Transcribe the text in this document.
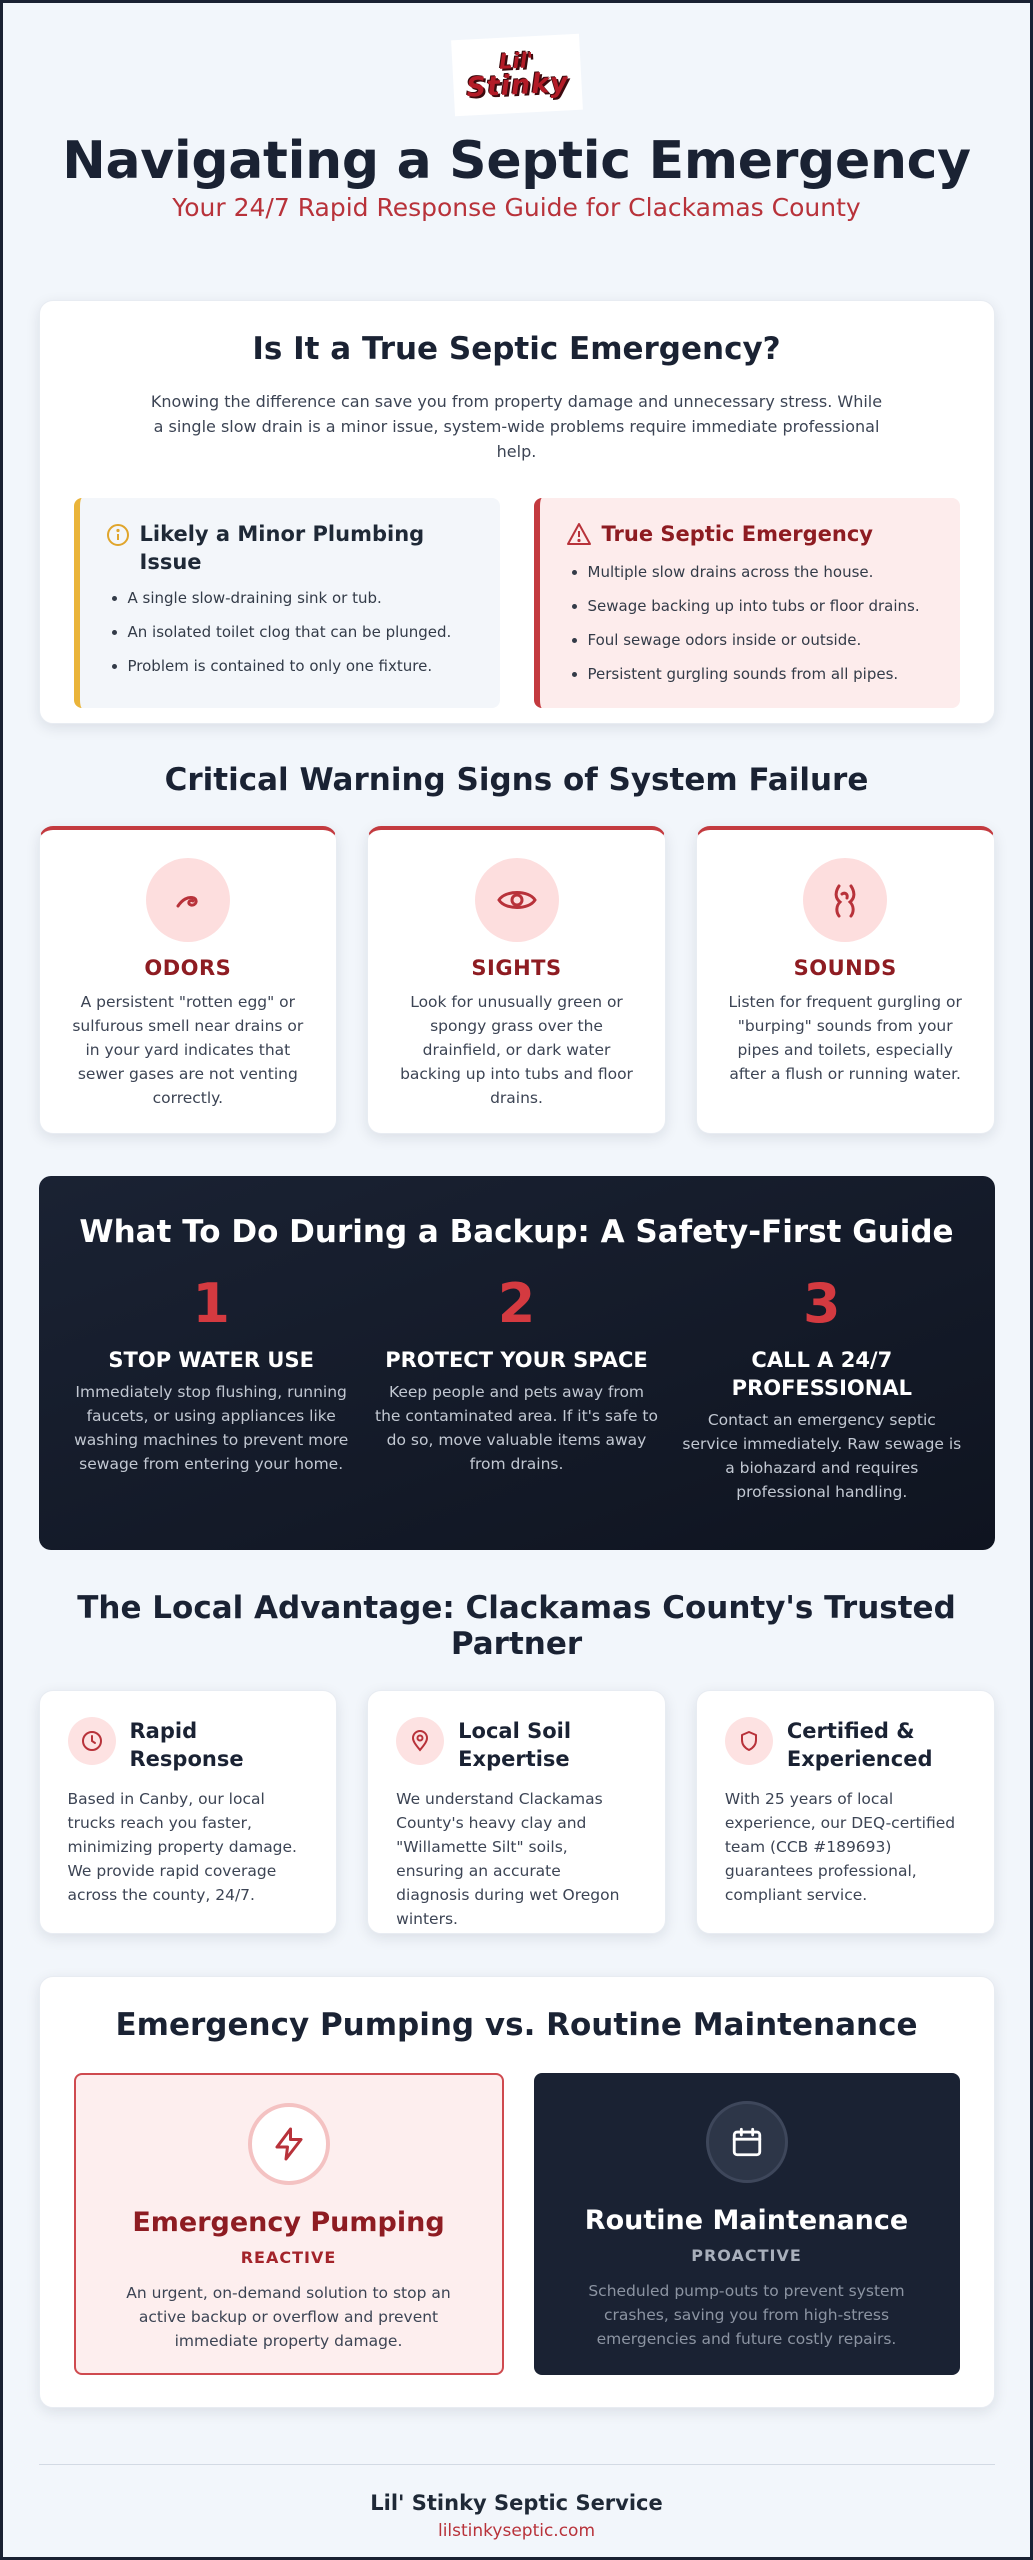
Lil'
Stinky
Navigating a Septic Emergency
Your 24/7 Rapid Response Guide for Clackamas County
Is It a True Septic Emergency?

Knowing the difference can save you from property damage and unnecessary stress. While a single slow drain is a minor issue, system-wide problems require immediate professional help.

Likely a Minor Plumbing Issue
• A single slow-draining sink or tub.
• An isolated toilet clog that can be plunged.
• Problem is contained to only one fixture.
True Septic Emergency
• Multiple slow drains across the house.
• Sewage backing up into tubs or floor drains.
• Foul sewage odors inside or outside.
• Persistent gurgling sounds from all pipes.
Critical Warning Signs of System Failure
ODORS

A persistent "rotten egg" or sulfurous smell near drains or in your yard indicates that sewer gases are not venting correctly.

SIGHTS

Look for unusually green or spongy grass over the drainfield, or dark water backing up into tubs and floor drains.

SOUNDS

Listen for frequent gurgling or "burping" sounds from your pipes and toilets, especially after a flush or running water.

What To Do During a Backup: A Safety-First Guide
1
STOP WATER USE

Immediately stop flushing, running faucets, or using appliances like washing machines to prevent more sewage from entering your home.

2
PROTECT YOUR SPACE

Keep people and pets away from the contaminated area. If it's safe to do so, move valuable items away from drains.

3
CALL A 24/7 PROFESSIONAL

Contact an emergency septic service immediately. Raw sewage is a biohazard and requires professional handling.

The Local Advantage: Clackamas County's Trusted Partner
Rapid Response

Based in Canby, our local trucks reach you faster, minimizing property damage. We provide rapid coverage across the county, 24/7.

Local Soil Expertise

We understand Clackamas County's heavy clay and "Willamette Silt" soils, ensuring an accurate diagnosis during wet Oregon winters.

Certified & Experienced

With 25 years of local experience, our DEQ-certified team (CCB #189693) guarantees professional, compliant service.

Emergency Pumping vs. Routine Maintenance
Emergency Pumping
REACTIVE

An urgent, on-demand solution to stop an active backup or overflow and prevent immediate property damage.

Routine Maintenance
PROACTIVE

Scheduled pump-outs to prevent system crashes, saving you from high-stress emergencies and future costly repairs.

Lil' Stinky Septic Service
lilstinkyseptic.com
